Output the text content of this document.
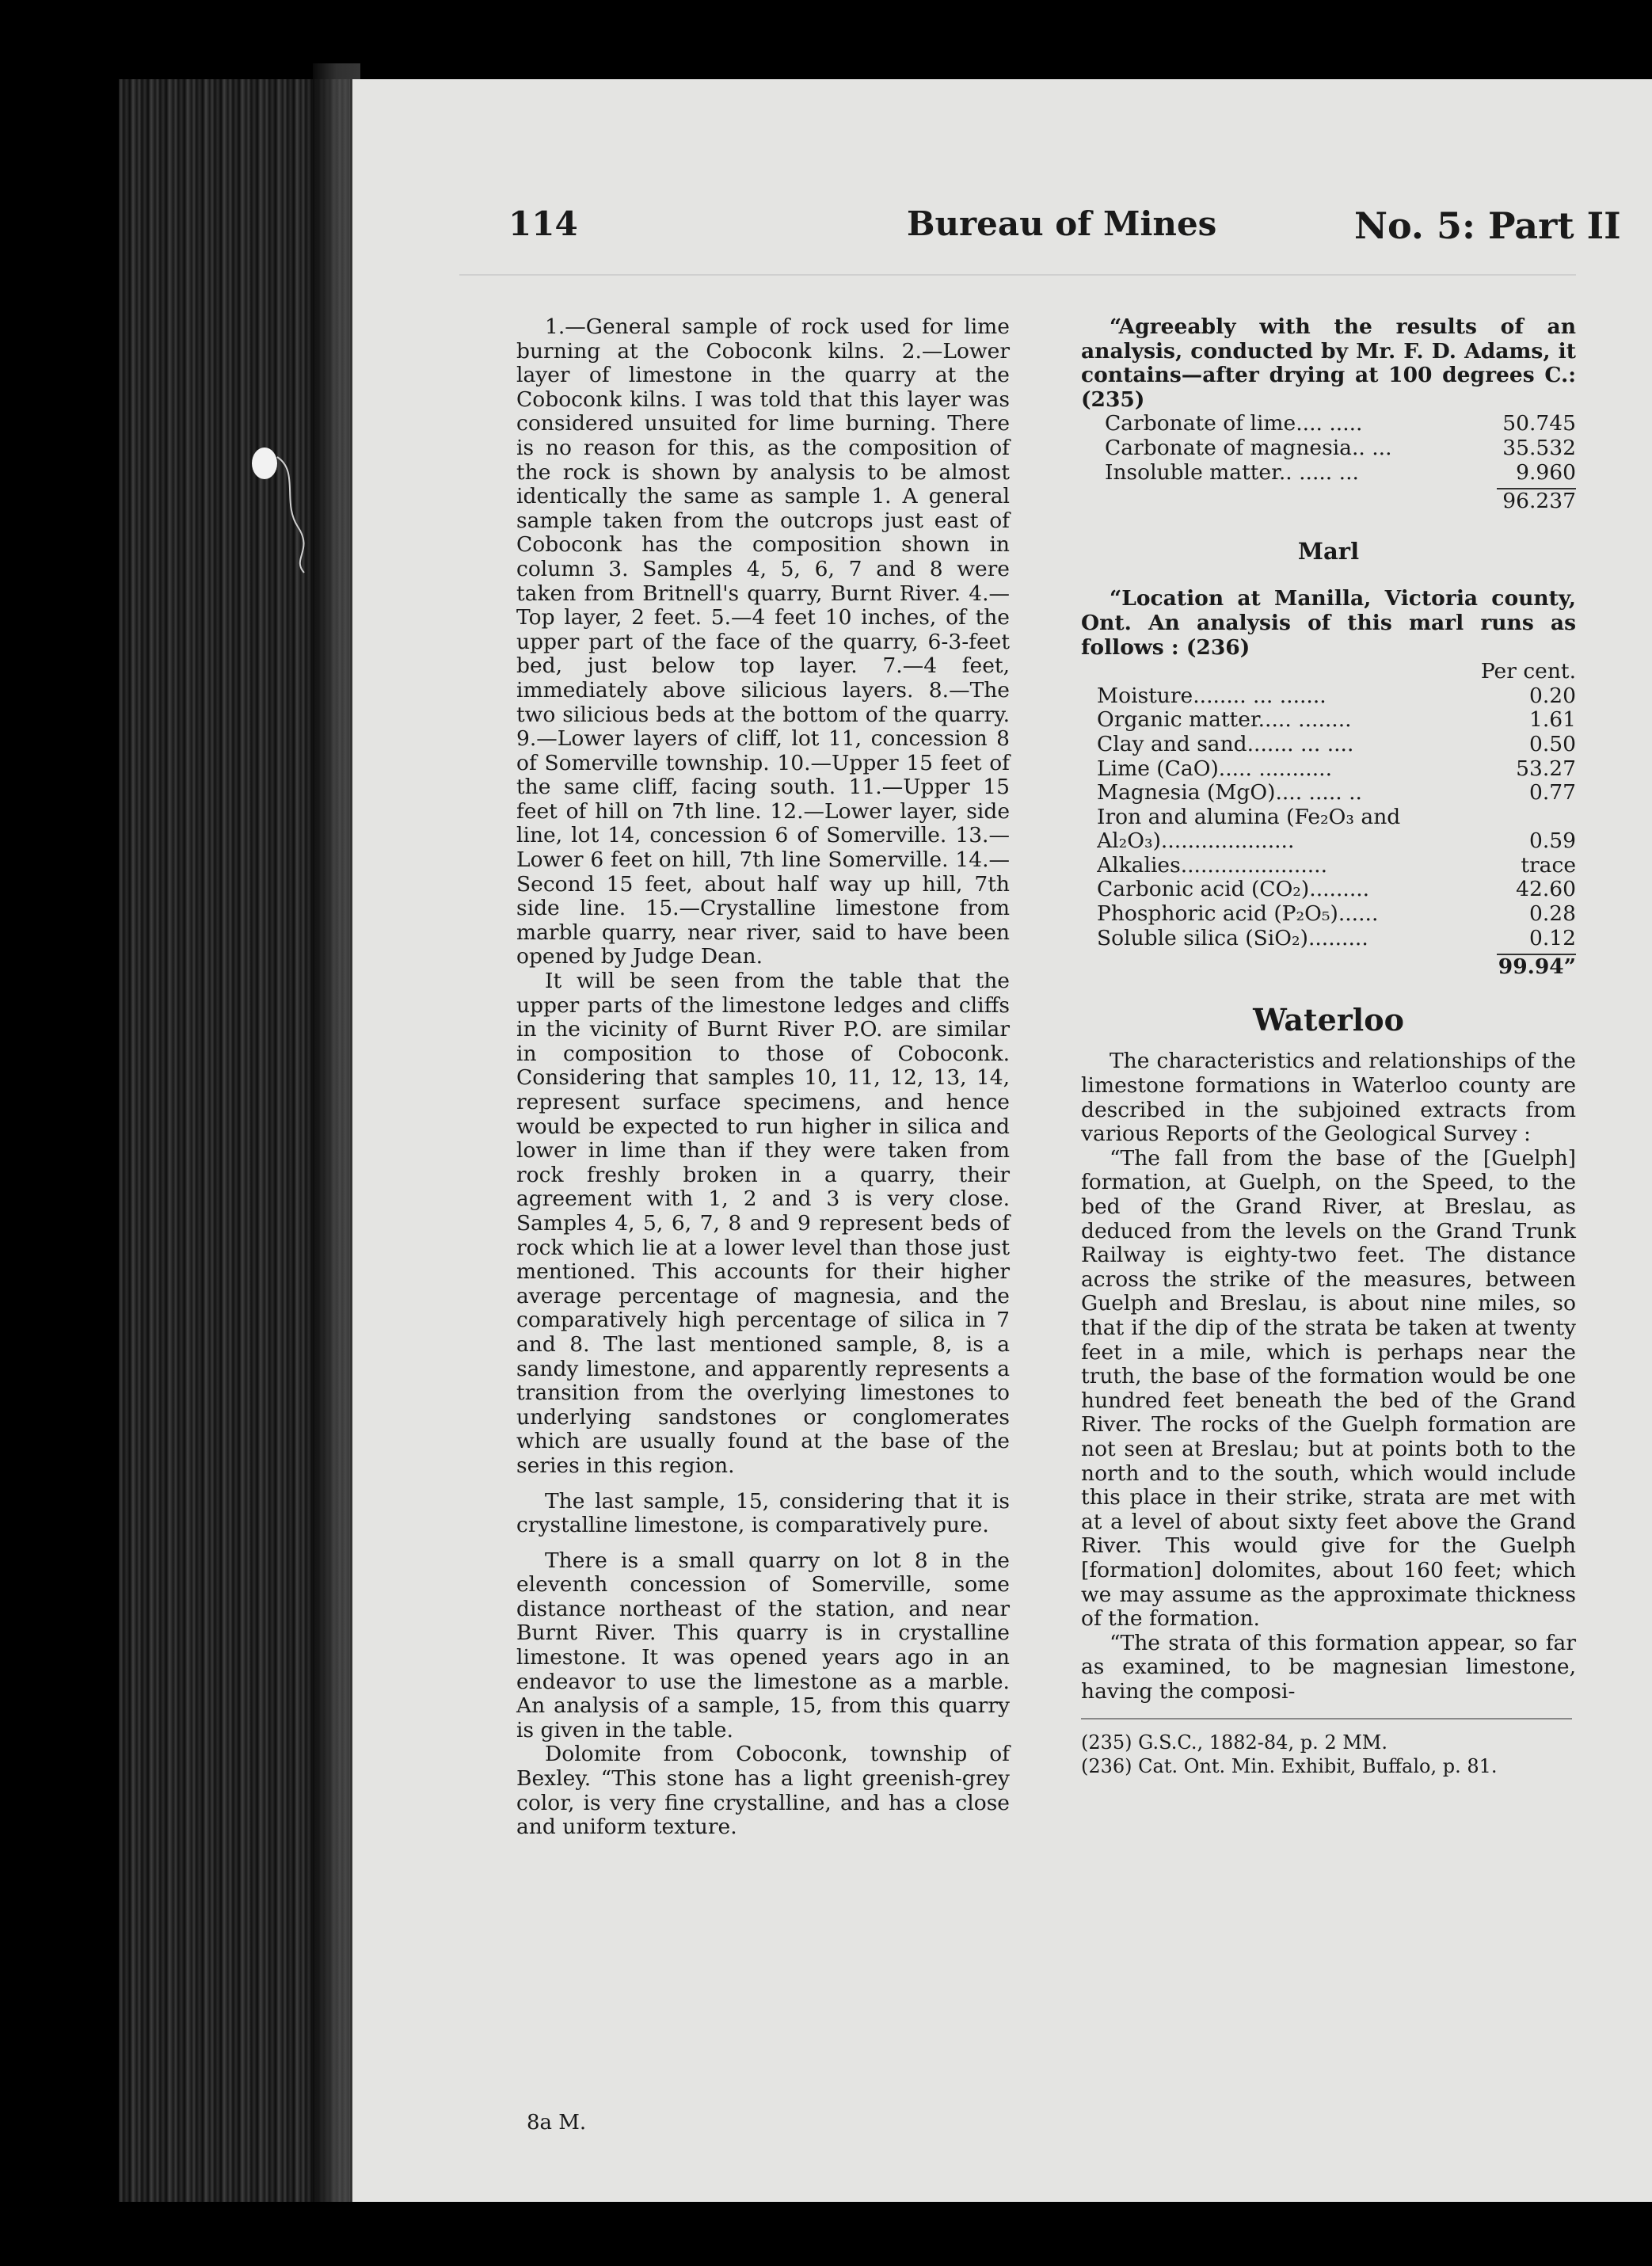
114	Bureau of Mines	No. 5: Part II

1.—General sample of rock used for lime burning at the Coboconk kilns. 2.—Lower layer of limestone in the quarry at the Coboconk kilns. I was told that this layer was considered unsuited for lime burning. There is no reason for this, as the composition of the rock is shown by analysis to be almost identically the same as sample 1. A general sample taken from the outcrops just east of Coboconk has the composition shown in column 3. Samples 4, 5, 6, 7 and 8 were taken from Britnell's quarry, Burnt River. 4.—Top layer, 2 feet. 5.—4 feet 10 inches, of the upper part of the face of the quarry, 6-3-feet bed, just below top layer. 7.—4 feet, immediately above silicious layers. 8.—The two silicious beds at the bottom of the quarry. 9.—Lower layers of cliff, lot 11, concession 8 of Somerville township. 10.—Upper 15 feet of the same cliff, facing south. 11.—Upper 15 feet of hill on 7th line. 12.—Lower layer, side line, lot 14, concession 6 of Somerville. 13.—Lower 6 feet on hill, 7th line Somerville. 14.—Second 15 feet, about half way up hill, 7th side line. 15.—Crystalline limestone from marble quarry, near river, said to have been opened by Judge Dean.

It will be seen from the table that the upper parts of the limestone ledges and cliffs in the vicinity of Burnt River P.O. are similar in composition to those of Coboconk. Considering that samples 10, 11, 12, 13, 14, represent surface specimens, and hence would be expected to run higher in silica and lower in lime than if they were taken from rock freshly broken in a quarry, their agreement with 1, 2 and 3 is very close. Samples 4, 5, 6, 7, 8 and 9 represent beds of rock which lie at a lower level than those just mentioned. This accounts for their higher average percentage of magnesia, and the comparatively high percentage of silica in 7 and 8. The last mentioned sample, 8, is a sandy limestone, and apparently represents a transition from the overlying limestones to underlying sandstones or conglomerates which are usually found at the base of the series in this region.

The last sample, 15, considering that it is crystalline limestone, is comparatively pure.

There is a small quarry on lot 8 in the eleventh concession of Somerville, some distance northeast of the station, and near Burnt River. This quarry is in crystalline limestone. It was opened years ago in an endeavor to use the limestone as a marble. An analysis of a sample, 15, from this quarry is given in the table.

Dolomite from Coboconk, township of Bexley. “This stone has a light greenish-grey color, is very fine crystalline, and has a close and uniform texture.

“Agreeably with the results of an analysis, conducted by Mr. F. D. Adams, it contains—after drying at 100 degrees C.: (235)

Carbonate of lime.... .....	50.745
Carbonate of magnesia.. ...	35.532
Insoluble matter.. ..... ...	9.960

96.237

Marl

“Location at Manilla, Victoria county, Ont. An analysis of this marl runs as follows : (236)

Per cent.

Moisture........ ... .......	0.20
Organic matter..... ........	1.61
Clay and sand....... ... ....	0.50
Lime (CaO)..... ...........	53.27
Magnesia (MgO).... ..... ..	0.77
Iron and alumina (Fe₂O₃ and
Al₂O₃)....................	0.59
Alkalies......................	trace
Carbonic acid (CO₂).........	42.60
Phosphoric acid (P₂O₅)......	0.28
Soluble silica (SiO₂).........	0.12

99.94”

Waterloo

The characteristics and relationships of the limestone formations in Waterloo county are described in the subjoined extracts from various Reports of the Geological Survey :

“The fall from the base of the [Guelph] formation, at Guelph, on the Speed, to the bed of the Grand River, at Breslau, as deduced from the levels on the Grand Trunk Railway is eighty-two feet. The distance across the strike of the measures, between Guelph and Breslau, is about nine miles, so that if the dip of the strata be taken at twenty feet in a mile, which is perhaps near the truth, the base of the formation would be one hundred feet beneath the bed of the Grand River. The rocks of the Guelph formation are not seen at Breslau; but at points both to the north and to the south, which would include this place in their strike, strata are met with at a level of about sixty feet above the Grand River. This would give for the Guelph [formation] dolomites, about 160 feet; which we may assume as the approximate thickness of the formation.

“The strata of this formation appear, so far as examined, to be magnesian limestone, having the composi-

(235) G.S.C., 1882-84, p. 2 MM.

(236) Cat. Ont. Min. Exhibit, Buffalo, p. 81.

8a M.
